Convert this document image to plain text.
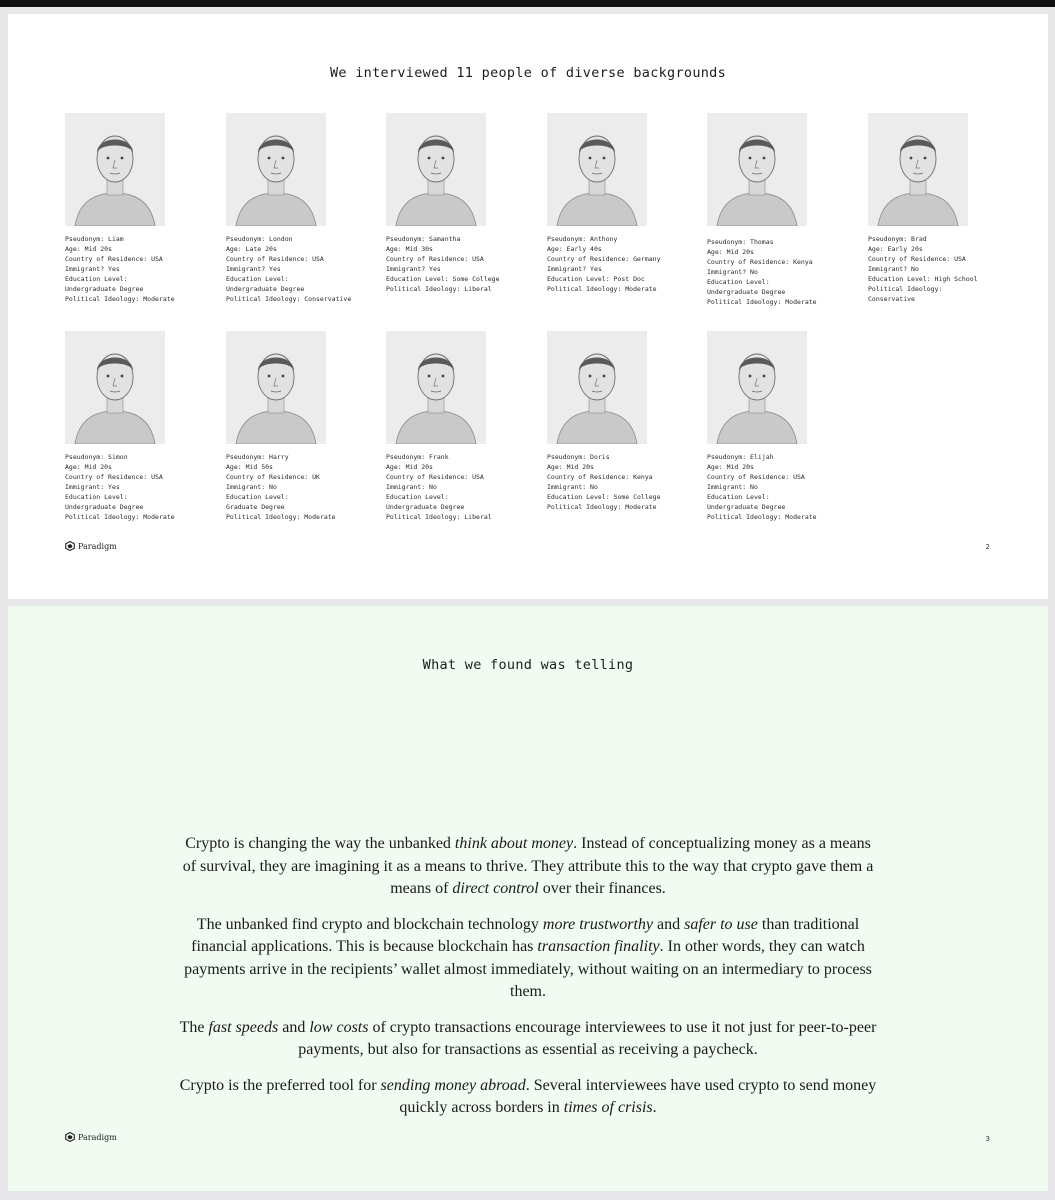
We interviewed 11 people of diverse backgrounds
Pseudonym: Liam
Age: Mid 20s
Country of Residence: USA
Immigrant? Yes
Education Level:
Undergraduate Degree
Political Ideology: Moderate
Pseudonym: London
Age: Late 20s
Country of Residence: USA
Immigrant? Yes
Education Level:
Undergraduate Degree
Political Ideology: Conservative
Pseudonym: Samantha
Age: Mid 30s
Country of Residence: USA
Immigrant? Yes
Education Level: Some College
Political Ideology: Liberal
Pseudonym: Anthony
Age: Early 40s
Country of Residence: Germany
Immigrant? Yes
Education Level: Post Doc
Political Ideology: Moderate
Pseudonym: Thomas
Age: Mid 20s
Country of Residence: Kenya
Immigrant? No
Education Level:
Undergraduate Degree
Political Ideology: Moderate
Pseudonym: Brad
Age: Early 20s
Country of Residence: USA
Immigrant? No
Education Level: High School
Political Ideology:
Conservative
Pseudonym: Simon
Age: Mid 20s
Country of Residence: USA
Immigrant: Yes
Education Level:
Undergraduate Degree
Political Ideology: Moderate
Pseudonym: Harry
Age: Mid 50s
Country of Residence: UK
Immigrant: No
Education Level:
Graduate Degree
Political Ideology: Moderate
Pseudonym: Frank
Age: Mid 20s
Country of Residence: USA
Immigrant: No
Education Level:
Undergraduate Degree
Political Ideology: Liberal
Pseudonym: Doris
Age: Mid 20s
Country of Residence: Kenya
Immigrant: No
Education Level: Some College
Political Ideology: Moderate
Pseudonym: Elijah
Age: Mid 20s
Country of Residence: USA
Immigrant: No
Education Level:
Undergraduate Degree
Political Ideology: Moderate
Paradigm	2
What we found was telling

Crypto is changing the way the unbanked think about money. Instead of conceptualizing money as a means of survival, they are imagining it as a means to thrive. They attribute this to the way that crypto gave them a means of direct control over their finances.

The unbanked find crypto and blockchain technology more trustworthy and safer to use than traditional financial applications. This is because blockchain has transaction finality. In other words, they can watch payments arrive in the recipients’ wallet almost immediately, without waiting on an intermediary to process them.

The fast speeds and low costs of crypto transactions encourage interviewees to use it not just for peer-to-peer payments, but also for transactions as essential as receiving a paycheck.

Crypto is the preferred tool for sending money abroad. Several interviewees have used crypto to send money quickly across borders in times of crisis.

Paradigm	3
